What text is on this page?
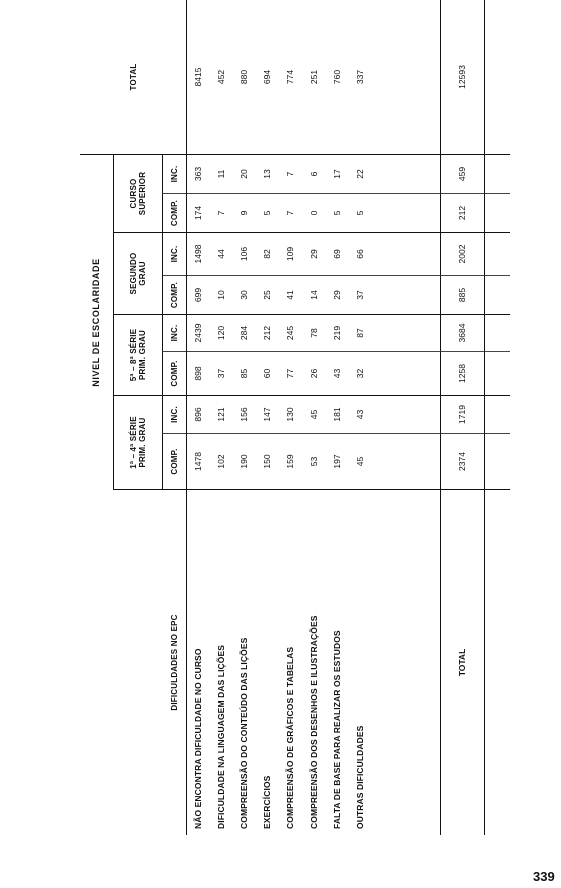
NIVEL DE ESCOLARIDADE
TOTAL
1ª – 4ª SÉRIE PRIM. GRAU
5ª – 8ª SÉRIE PRIM. GRAU
SEGUNDO GRAU
CURSO SUPERIOR
DIFICULDADES NO EPC
COMP.
INC.
COMP.
INC.
COMP.
INC.
COMP.
INC.
TOTAL
2374
1719
1258
3684
885
2002
212
459
12593
NÃO ENCONTRA DIFICULDADE NO CURSO
1478
896
898
2439
699
1498
174
363
8415
DIFICULDADE NA LINGUAGEM DAS LIÇÕES
102
121
37
120
10
44
7
11
452
COMPREENSÃO DO CONTEÚDO DAS LIÇÕES
190
156
85
284
30
106
9
20
880
EXERCÍCIOS
150
147
60
212
25
82
5
13
694
COMPREENSÃO DE GRÁFICOS E TABELAS
159
130
77
245
41
109
7
7
774
COMPREENSÃO DOS DESENHOS E ILUSTRAÇÕES
53
45
26
78
14
29
0
6
251
FALTA DE BASE PARA REALIZAR OS ESTUDOS
197
181
43
219
29
69
5
17
760
OUTRAS DIFICULDADES
45
43
32
87
37
66
5
22
337
339
